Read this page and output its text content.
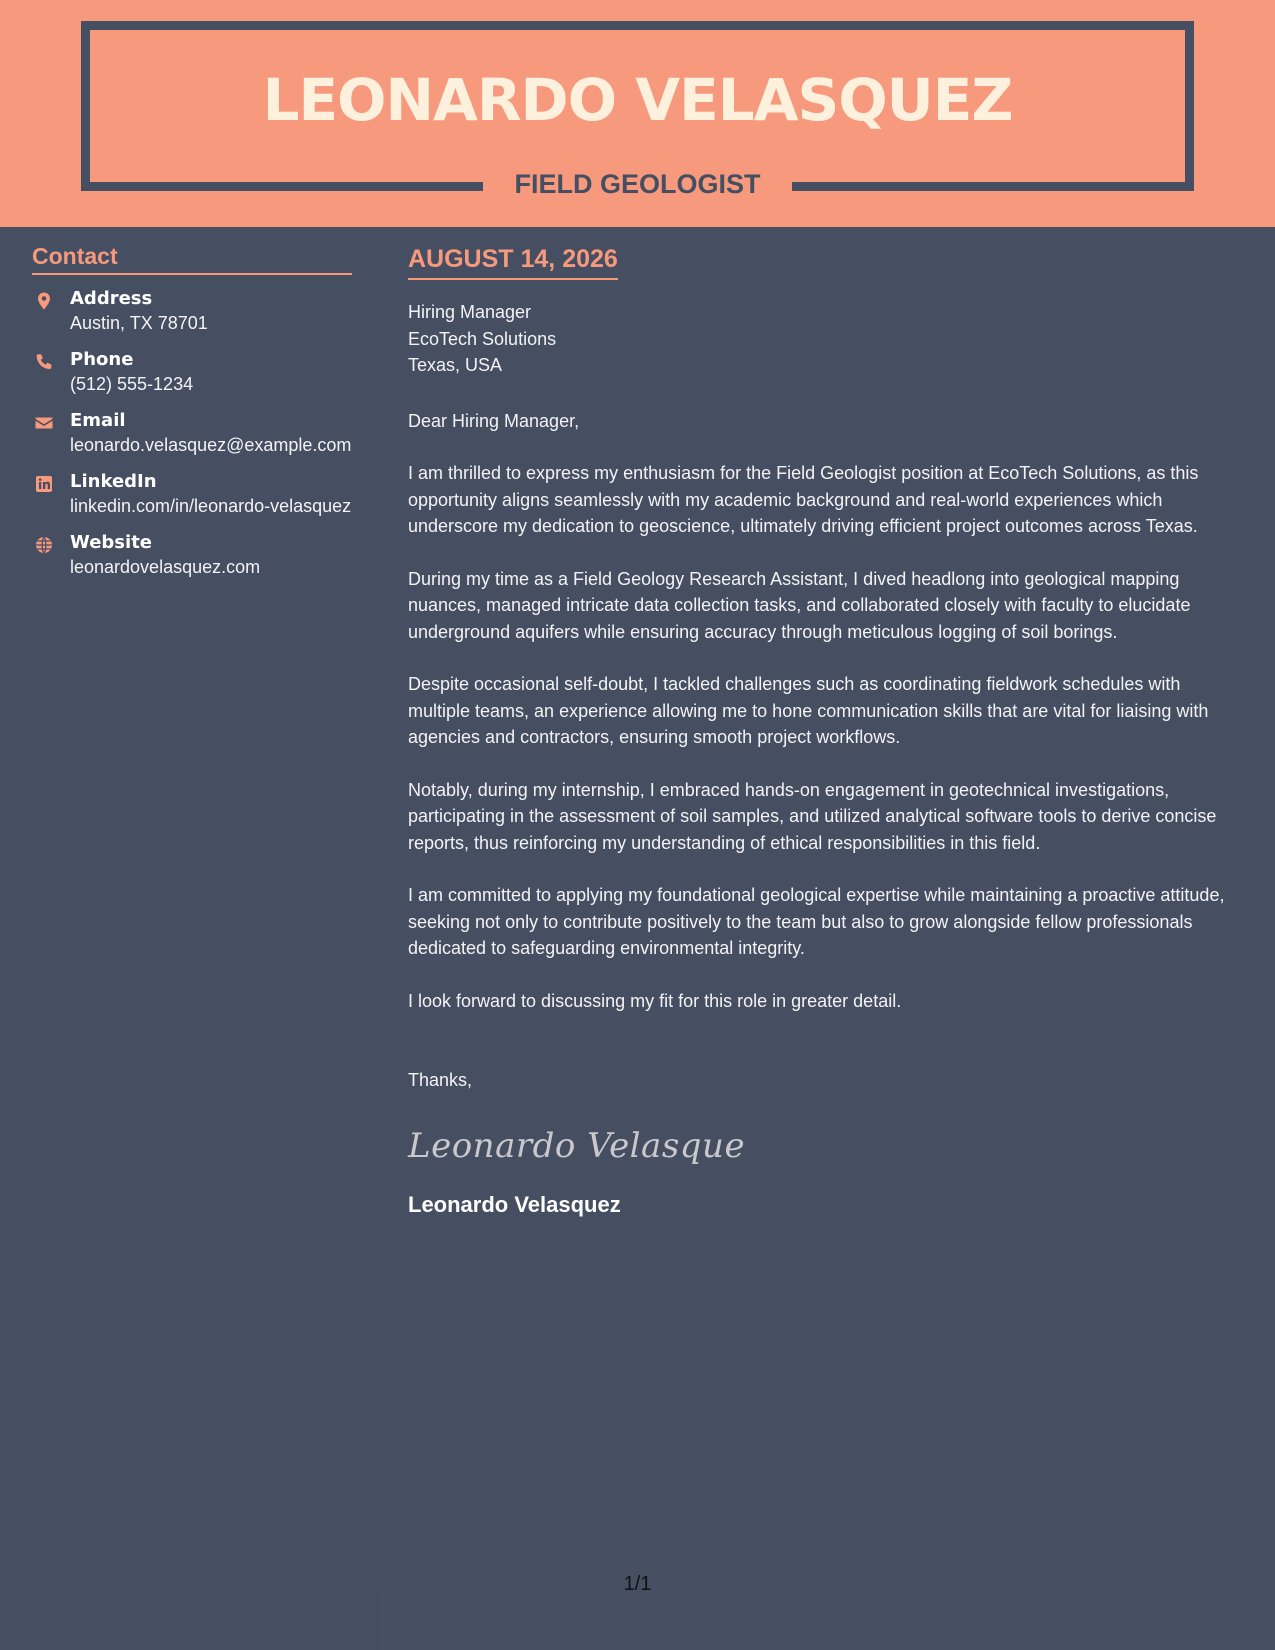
LEONARDO VELASQUEZ
FIELD GEOLOGIST
Contact
Address
Austin, TX 78701
Phone
(512) 555-1234
Email
leonardo.velasquez@example.com
LinkedIn
linkedin.com/in/leonardo-velasquez
Website
leonardovelasquez.com
AUGUST 14, 2026
Hiring Manager
EcoTech Solutions
Texas, USA
Dear Hiring Manager,

I am thrilled to express my enthusiasm for the Field Geologist position at EcoTech Solutions, as this opportunity aligns seamlessly with my academic background and real-world experiences which underscore my dedication to geoscience, ultimately driving efficient project outcomes across Texas.

During my time as a Field Geology Research Assistant, I dived headlong into geological mapping nuances, managed intricate data collection tasks, and collaborated closely with faculty to elucidate underground aquifers while ensuring accuracy through meticulous logging of soil borings.

Despite occasional self-doubt, I tackled challenges such as coordinating fieldwork schedules with multiple teams, an experience allowing me to hone communication skills that are vital for liaising with agencies and contractors, ensuring smooth project workflows.

Notably, during my internship, I embraced hands-on engagement in geotechnical investigations, participating in the assessment of soil samples, and utilized analytical software tools to derive concise reports, thus reinforcing my understanding of ethical responsibilities in this field.

I am committed to applying my foundational geological expertise while maintaining a proactive attitude, seeking not only to contribute positively to the team but also to grow alongside fellow professionals dedicated to safeguarding environmental integrity.

I look forward to discussing my fit for this role in greater detail.

Thanks,
Leonardo Velasque
Leonardo Velasquez
1/1
